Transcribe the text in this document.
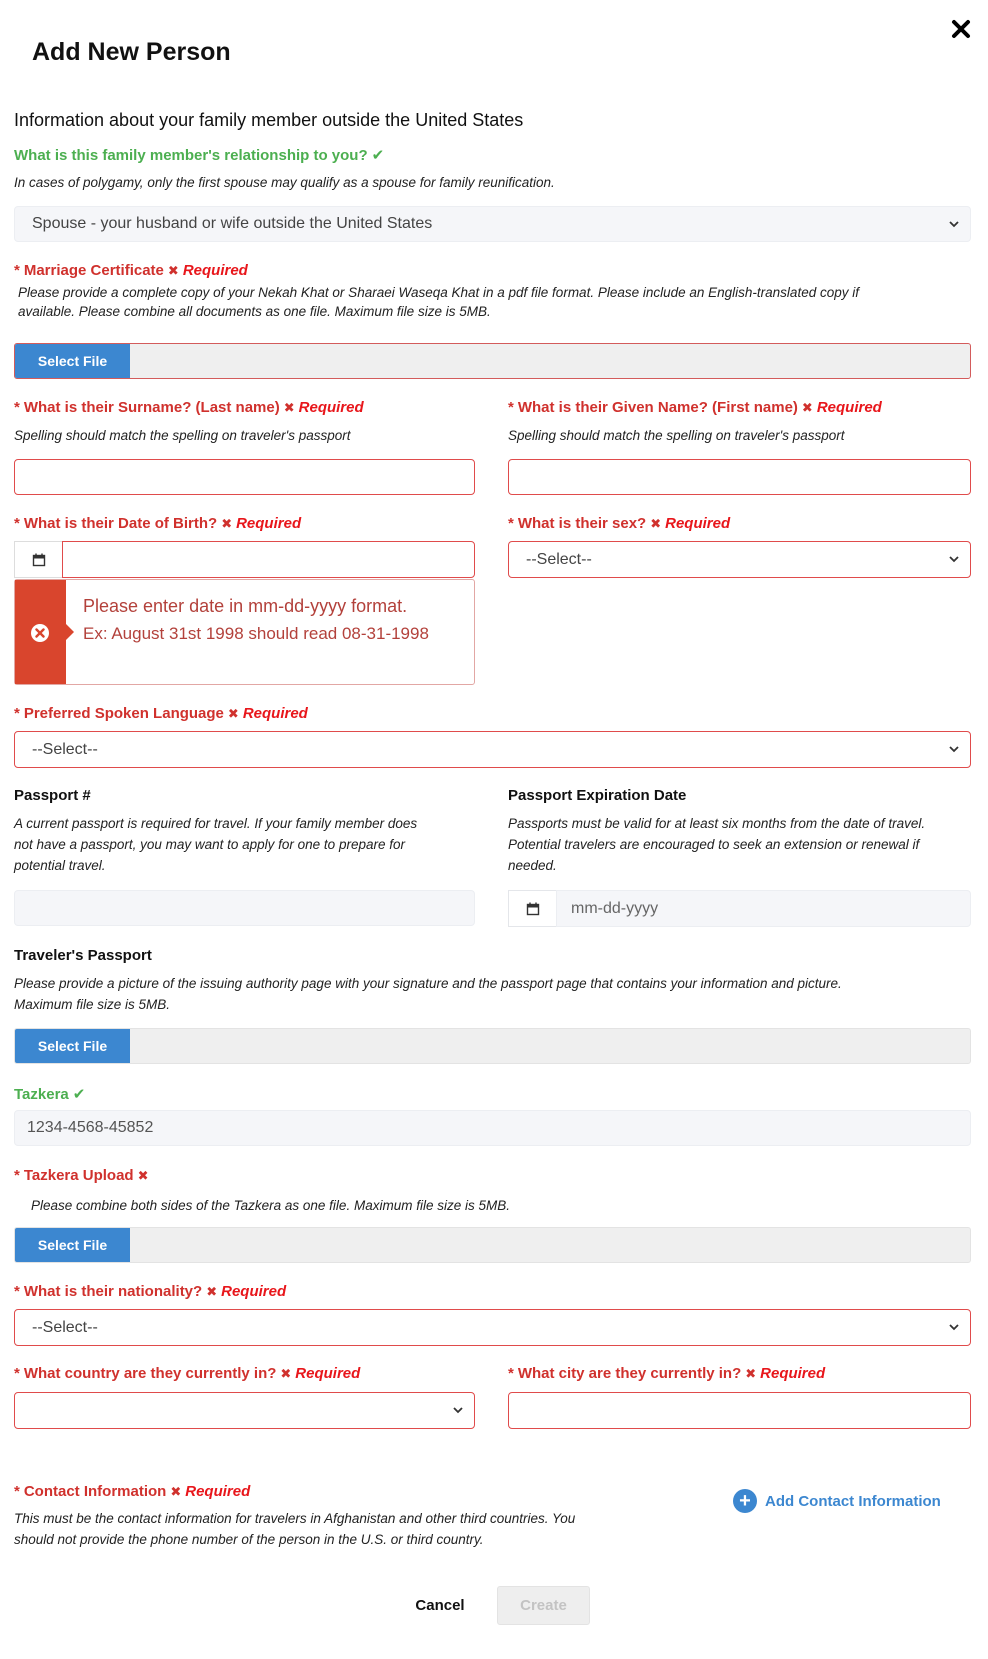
Add New Person
Information about your family member outside the United States
What is this family member's relationship to you? ✔
In cases of polygamy, only the first spouse may qualify as a spouse for family reunification.
Spouse - your husband or wife outside the United States
* Marriage Certificate ✖ Required
Please provide a complete copy of your Nekah Khat or Sharaei Waseqa Khat in a pdf file format. Please include an English-translated copy if
available. Please combine all documents as one file. Maximum file size is 5MB.
Select File
* What is their Surname? (Last name) ✖ Required
Spelling should match the spelling on traveler's passport
* What is their Given Name? (First name) ✖ Required
Spelling should match the spelling on traveler's passport
* What is their Date of Birth? ✖ Required
Please enter date in mm-dd-yyyy format.
Ex: August 31st 1998 should read 08-31-1998
* What is their sex? ✖ Required
--Select--
* Preferred Spoken Language ✖ Required
--Select--
Passport #
A current passport is required for travel. If your family member does
not have a passport, you may want to apply for one to prepare for
potential travel.
Passport Expiration Date
Passports must be valid for at least six months from the date of travel.
Potential travelers are encouraged to seek an extension or renewal if
needed.
mm-dd-yyyy
Traveler's Passport
Please provide a picture of the issuing authority page with your signature and the passport page that contains your information and picture.
Maximum file size is 5MB.
Select File
Tazkera ✔
1234-4568-45852
* Tazkera Upload ✖
Please combine both sides of the Tazkera as one file. Maximum file size is 5MB.
Select File
* What is their nationality? ✖ Required
--Select--
* What country are they currently in? ✖ Required	* What city are they currently in? ✖ Required
* Contact Information ✖ Required
This must be the contact information for travelers in Afghanistan and other third countries. You
should not provide the phone number of the person in the U.S. or third country.
+ Add Contact Information
Cancel	Create
